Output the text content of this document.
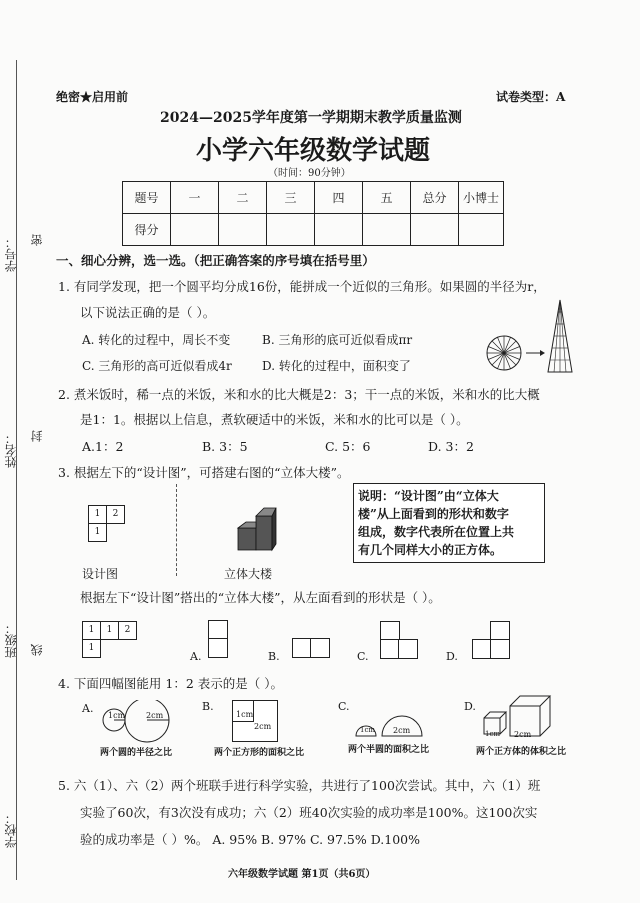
学校：
班级：
姓名：
学号： 密
封
线
绝密★启用前	试卷类型：A
2024—2025学年度第一学期期末教学质量监测
小学六年级数学试题
（时间：90分钟）
题号	一	二	三	四	五	总分	小博士
得分							
一、细心分辨，选一选。（把正确答案的序号填在括号里）
1. 有同学发现，把一个圆平均分成16份，能拼成一个近似的三角形。如果圆的半径为r，
以下说法正确的是（ ）。
A. 转化的过程中，周长不变	B. 三角形的底可近似看成πr
C. 三角形的高可近似看成4r	D. 转化的过程中，面积变了
2. 煮米饭时，稀一点的米饭，米和水的比大概是2：3；干一点的米饭，米和水的比大概
是1：1。根据以上信息，煮软硬适中的米饭，米和水的比可以是（ ）。
A.1：2	B. 3：5	C. 5：6	D. 3：2
3. 根据左下的“设计图”，可搭建右图的“立体大楼”。
1	2
1
说明：“设计图”由“立体大
楼”从上面看到的形状和数字
组成，数字代表所在位置上共
有几个同样大小的正方体。
设计图	立体大楼
根据左下“设计图”搭出的“立体大楼”，从左面看到的形状是（ ）。
1	1	2
1
A.	B.	C.	D.
4. 下面四幅图能用 1：2 表示的是（ ）。
A.
1cm	2cm
两个圆的半径之比
B.
1cm
2cm
两个正方形的面积之比
C.
1cm 2cm
两个半圆的面积之比
D.
1cm 2cm
两个正方体的体积之比
5. 六（1）、六（2）两个班联手进行科学实验，共进行了100次尝试。其中，六（1）班
实验了60次，有3次没有成功；六（2）班40次实验的成功率是100%。这100次实
验的成功率是（ ）%。 A. 95% B. 97% C. 97.5% D.100%
六年级数学试题 第1页（共6页）
